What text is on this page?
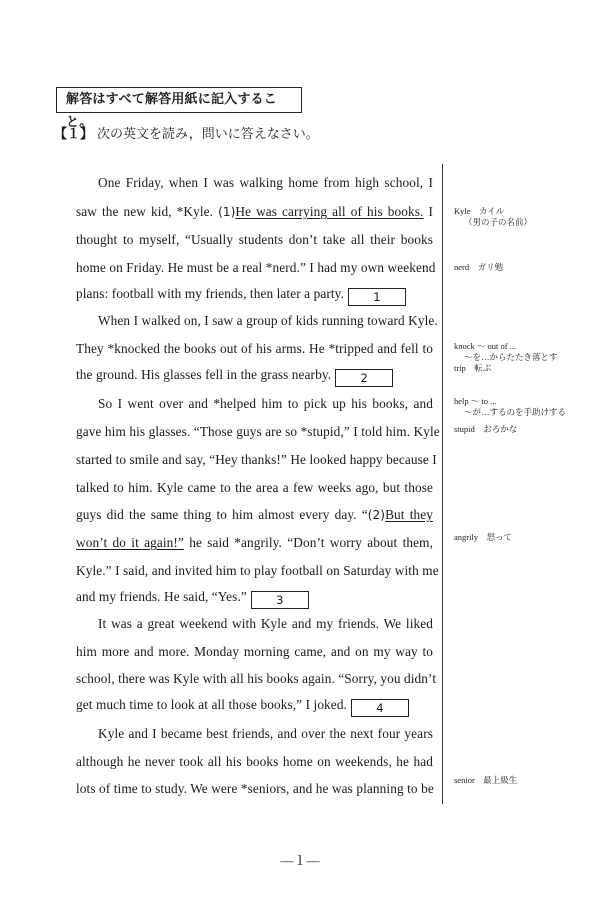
解答はすべて解答用紙に記入すること。
【１】 次の英文を読み，問いに答えなさい。
One Friday, when I was walking home from high school, I
saw the new kid, *Kyle. (1)He was carrying all of his books. I
thought to myself, “Usually students don’t take all their books
home on Friday. He must be a real *nerd.” I had my own weekend
plans: football with my friends, then later a party.	1
When I walked on, I saw a group of kids running toward Kyle.
They *knocked the books out of his arms. He *tripped and fell to
the ground. His glasses fell in the grass nearby.	2
So I went over and *helped him to pick up his books, and
gave him his glasses. “Those guys are so *stupid,” I told him. Kyle
started to smile and say, “Hey thanks!” He looked happy because I
talked to him. Kyle came to the area a few weeks ago, but those
guys did the same thing to him almost every day. “(2)But they
won’t do it again!” he said *angrily. “Don’t worry about them,
Kyle.” I said, and invited him to play football on Saturday with me
and my friends. He said, “Yes.”	3
It was a great weekend with Kyle and my friends. We liked
him more and more. Monday morning came, and on my way to
school, there was Kyle with all his books again. “Sorry, you didn’t
get much time to look at all those books,” I joked.	4
Kyle and I became best friends, and over the next four years
although he never took all his books home on weekends, he had
lots of time to study. We were *seniors, and he was planning to be
Kyle　カイル
（男の子の名前）
nerd　ガリ勉
knock ～ out of ...
～を…からたたき落とす
trip　転ぶ
help ～ to ...
～が…するのを手助けする
stupid　おろかな
angrily　怒って
senior　最上級生
—１—
